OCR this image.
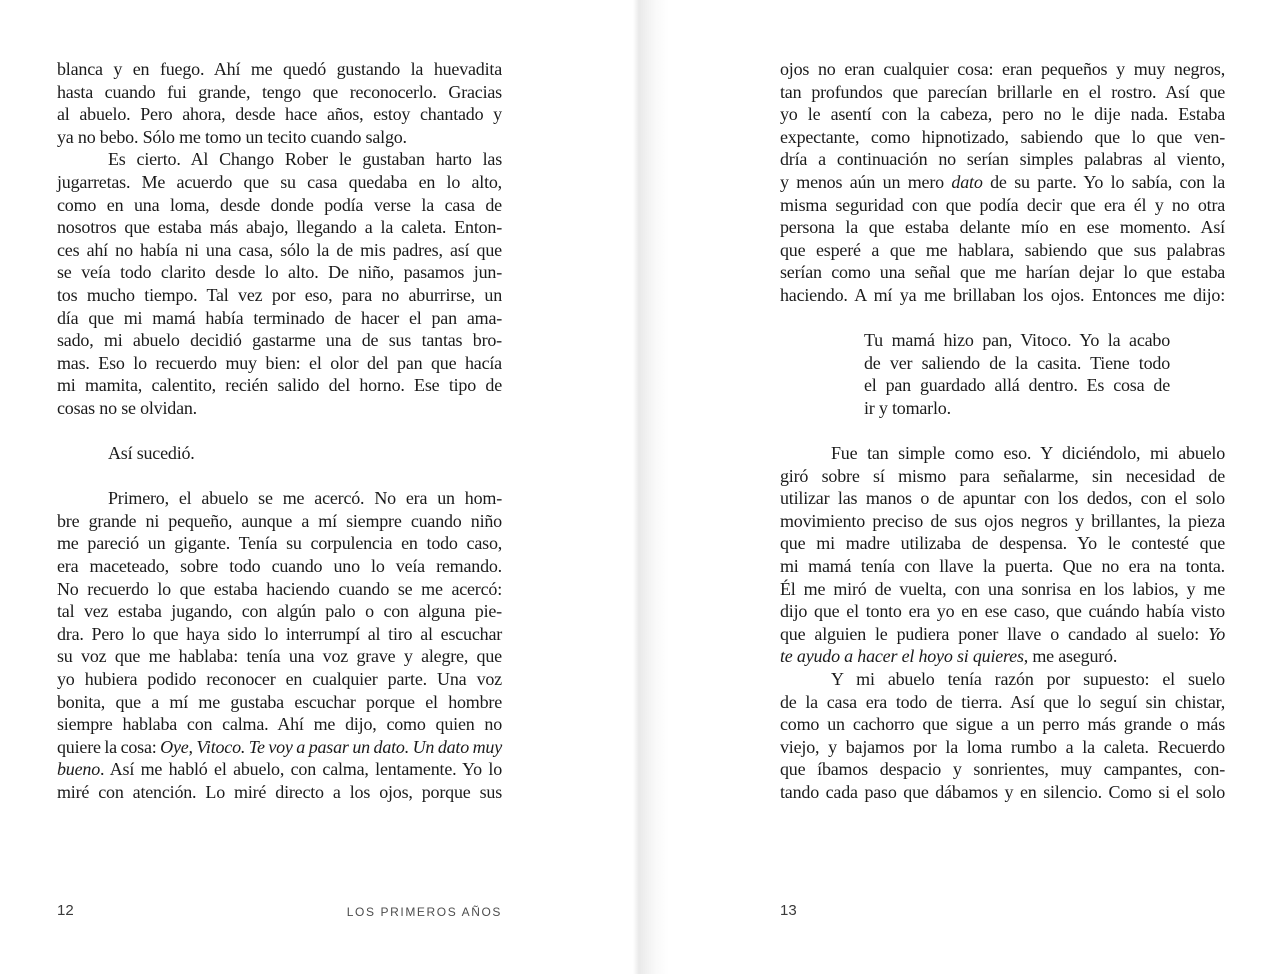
blanca y en fuego. Ahí me quedó gustando la huevadita
hasta cuando fui grande, tengo que reconocerlo. Gracias
al abuelo. Pero ahora, desde hace años, estoy chantado y
ya no bebo. Sólo me tomo un tecito cuando salgo.
Es cierto. Al Chango Rober le gustaban harto las
jugarretas. Me acuerdo que su casa quedaba en lo alto,
como en una loma, desde donde podía verse la casa de
nosotros que estaba más abajo, llegando a la caleta. Enton-
ces ahí no había ni una casa, sólo la de mis padres, así que
se veía todo clarito desde lo alto. De niño, pasamos jun-
tos mucho tiempo. Tal vez por eso, para no aburrirse, un
día que mi mamá había terminado de hacer el pan ama-
sado, mi abuelo decidió gastarme una de sus tantas bro-
mas. Eso lo recuerdo muy bien: el olor del pan que hacía
mi mamita, calentito, recién salido del horno. Ese tipo de
cosas no se olvidan.
Así sucedió.
Primero, el abuelo se me acercó. No era un hom-
bre grande ni pequeño, aunque a mí siempre cuando niño
me pareció un gigante. Tenía su corpulencia en todo caso,
era maceteado, sobre todo cuando uno lo veía remando.
No recuerdo lo que estaba haciendo cuando se me acercó:
tal vez estaba jugando, con algún palo o con alguna pie-
dra. Pero lo que haya sido lo interrumpí al tiro al escuchar
su voz que me hablaba: tenía una voz grave y alegre, que
yo hubiera podido reconocer en cualquier parte. Una voz
bonita, que a mí me gustaba escuchar porque el hombre
siempre hablaba con calma. Ahí me dijo, como quien no
quiere la cosa: Oye, Vitoco. Te voy a pasar un dato. Un dato muy
bueno. Así me habló el abuelo, con calma, lentamente. Yo lo
miré con atención. Lo miré directo a los ojos, porque sus
12	LOS PRIMEROS AÑOS
ojos no eran cualquier cosa: eran pequeños y muy negros,
tan profundos que parecían brillarle en el rostro. Así que
yo le asentí con la cabeza, pero no le dije nada. Estaba
expectante, como hipnotizado, sabiendo que lo que ven-
dría a continuación no serían simples palabras al viento,
y menos aún un mero dato de su parte. Yo lo sabía, con la
misma seguridad con que podía decir que era él y no otra
persona la que estaba delante mío en ese momento. Así
que esperé a que me hablara, sabiendo que sus palabras
serían como una señal que me harían dejar lo que estaba
haciendo. A mí ya me brillaban los ojos. Entonces me dijo:
Tu mamá hizo pan, Vitoco. Yo la acabo
de ver saliendo de la casita. Tiene todo
el pan guardado allá dentro. Es cosa de
ir y tomarlo.
Fue tan simple como eso. Y diciéndolo, mi abuelo
giró sobre sí mismo para señalarme, sin necesidad de
utilizar las manos o de apuntar con los dedos, con el solo
movimiento preciso de sus ojos negros y brillantes, la pieza
que mi madre utilizaba de despensa. Yo le contesté que
mi mamá tenía con llave la puerta. Que no era na tonta.
Él me miró de vuelta, con una sonrisa en los labios, y me
dijo que el tonto era yo en ese caso, que cuándo había visto
que alguien le pudiera poner llave o candado al suelo: Yo
te ayudo a hacer el hoyo si quieres, me aseguró.
Y mi abuelo tenía razón por supuesto: el suelo
de la casa era todo de tierra. Así que lo seguí sin chistar,
como un cachorro que sigue a un perro más grande o más
viejo, y bajamos por la loma rumbo a la caleta. Recuerdo
que íbamos despacio y sonrientes, muy campantes, con-
tando cada paso que dábamos y en silencio. Como si el solo
13
